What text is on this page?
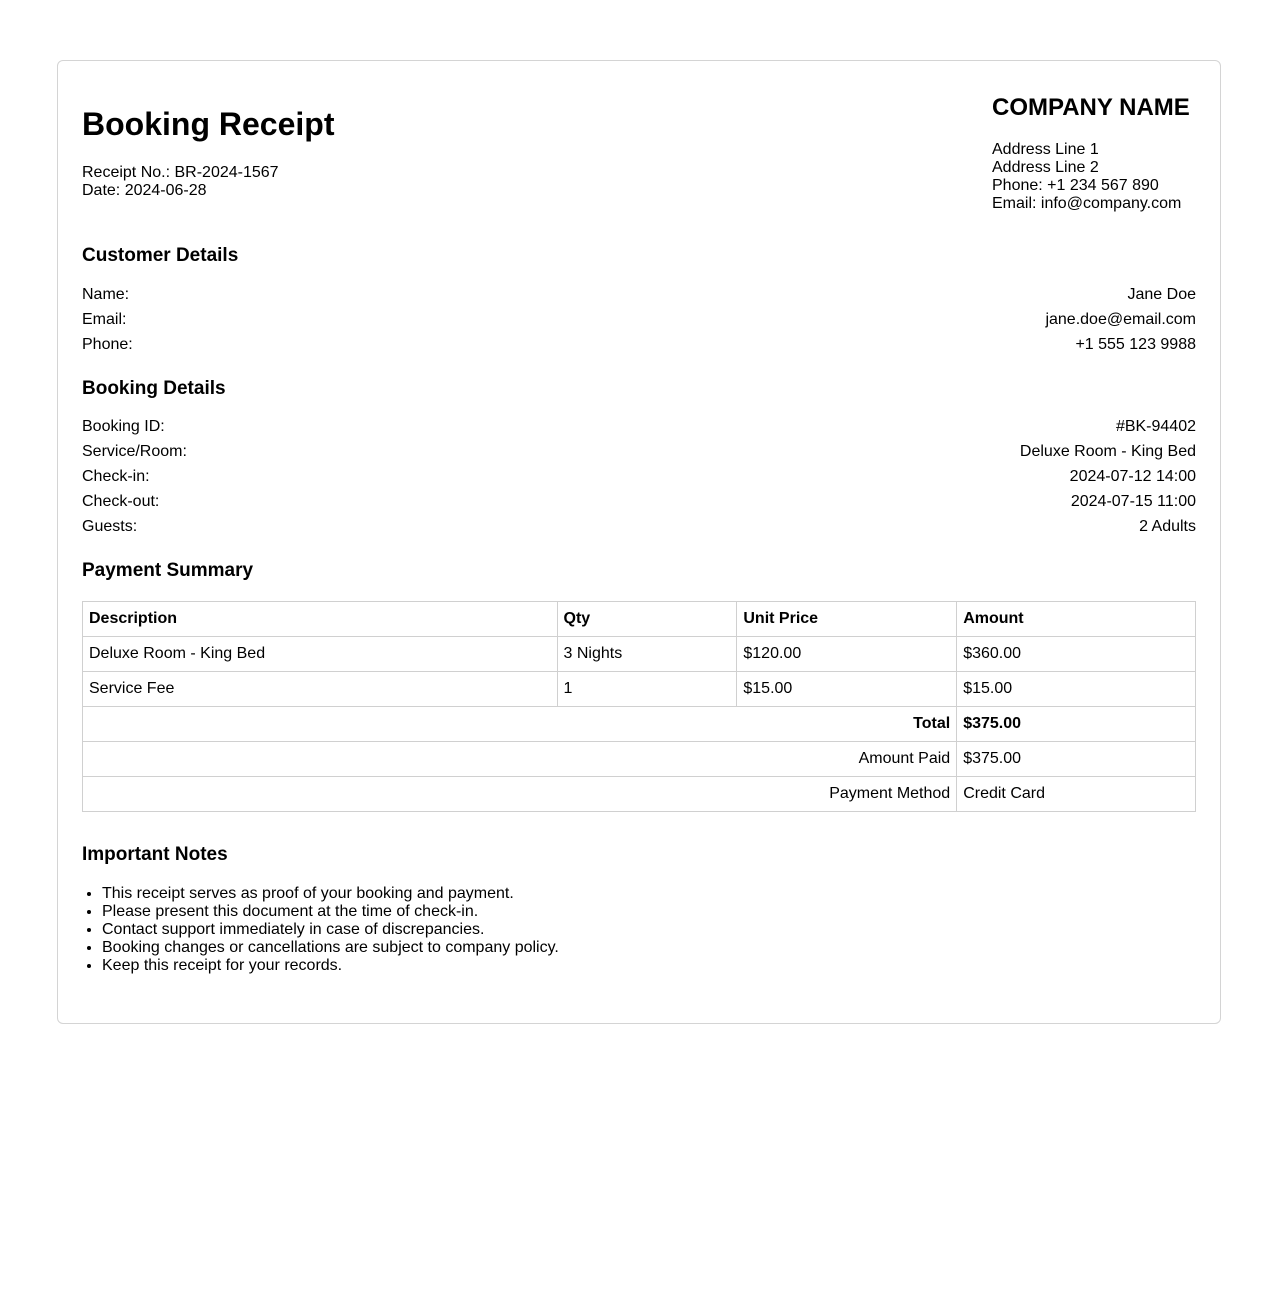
Booking Receipt
Receipt No.: BR-2024-1567
Date: 2024-06-28
COMPANY NAME
Address Line 1
Address Line 2
Phone: +1 234 567 890
Email: info@company.com
Customer Details
Name:	Jane Doe
Email:	jane.doe@email.com
Phone:	+1 555 123 9988
Booking Details
Booking ID:	#BK-94402
Service/Room:	Deluxe Room - King Bed
Check-in:	2024-07-12 14:00
Check-out:	2024-07-15 11:00
Guests:	2 Adults
Payment Summary
Description	Qty	Unit Price	Amount
Deluxe Room - King Bed	3 Nights	$120.00	$360.00
Service Fee	1	$15.00	$15.00
Total			$375.00
Amount Paid			$375.00
Payment Method			Credit Card
Important Notes
• This receipt serves as proof of your booking and payment.
• Please present this document at the time of check-in.
• Contact support immediately in case of discrepancies.
• Booking changes or cancellations are subject to company policy.
• Keep this receipt for your records.
